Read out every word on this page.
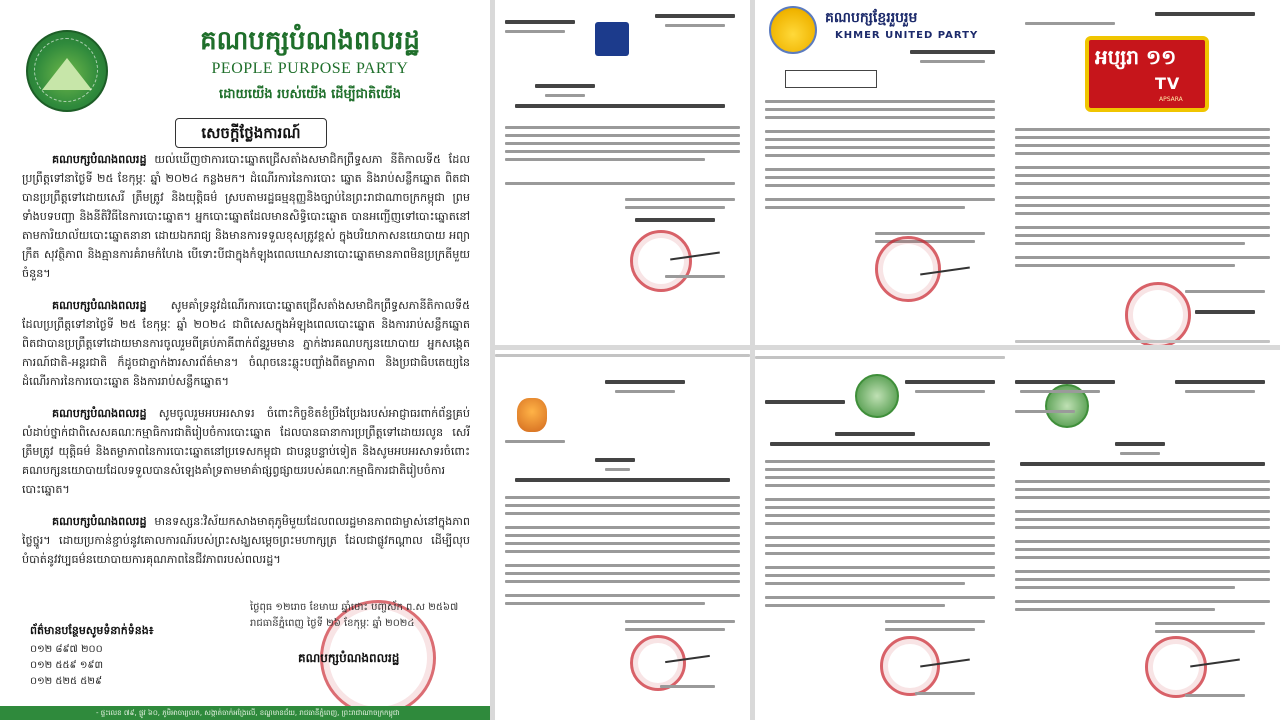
គណបក្សបំណងពលរដ្ឋ
PEOPLE PURPOSE PARTY
ដោយយើង របស់យើង ដើម្បីជាតិយើង
សេចក្តីថ្លែងការណ៍

គណបក្សបំណងពលរដ្ឋ យល់ឃើញថាការបោះឆ្នោតជ្រើសតាំងសមាជិកព្រឹទ្ធសភា នីតិកាលទី៥ ដែលប្រព្រឹត្តទៅនាថ្ងៃទី ២៥ ខែកុម្ភៈ ឆ្នាំ ២០២៤ កន្លងមក។ ដំណើរការនៃការបោះ ឆ្នោត និងរាប់សន្លឹកឆ្នោត ពិតជាបានប្រព្រឹត្តទៅដោយសេរី ត្រឹមត្រូវ និងយុត្តិធម៌ ស្របតាមរដ្ឋធម្មនុញ្ញនិងច្បាប់នៃព្រះរាជាណាចក្រកម្ពុជា ព្រមទាំងបទបញ្ជា និងនីតិវិធីនៃការបោះឆ្នោត។ អ្នកបោះឆ្នោតដែលមានសិទ្ធិបោះឆ្នោត បានអញ្ជើញទៅបោះឆ្នោតនៅតាមការិយាល័យបោះឆ្នោតនានា ដោយឯករាជ្យ និងមានការទទួលខុសត្រូវខ្ពស់ ក្នុងបរិយាកាសនយោបាយ អព្យាក្រឹត សុវត្ថិភាព និងគ្មានការគំរាមកំហែង បើទោះបីជាក្នុងកំឡុងពេលឃោសនាបោះឆ្នោតមានភាពមិនប្រក្រតីមួយចំនួន។

គណបក្សបំណងពលរដ្ឋ សូមគាំទ្រនូវដំណើរការបោះឆ្នោតជ្រើសតាំងសមាជិកព្រឹទ្ធសភានីតិកាលទី៥ ដែលប្រព្រឹត្តទៅនាថ្ងៃទី ២៥ ខែកុម្ភៈ ឆ្នាំ ២០២៤ ជាពិសេសក្នុងអំឡុងពេលបោះឆ្នោត និងការរាប់សន្លឹកឆ្នោត ពិតជាបានប្រព្រឹត្តទៅដោយមានការចូលរួមពីគ្រប់ភាគីពាក់ព័ន្ធរួមមាន ភ្នាក់ងារគណបក្សនយោបាយ អ្នកសង្កេតការណ៍ជាតិ-អន្តរជាតិ ក៏ដូចជាភ្នាក់ងារសារព័ត៌មាន។ ចំណុចនេះឆ្លុះបញ្ចាំងពីតម្លាភាព និងប្រជាធិបតេយ្យនៃដំណើរការនៃការបោះឆ្នោត និងការរាប់សន្លឹកឆ្នោត។

គណបក្សបំណងពលរដ្ឋ សូមចូលរួមអបអរសាទរ ចំពោះកិច្ចខិតខំប្រឹងប្រែងរបស់អាជ្ញាធរពាក់ព័ន្ធគ្រប់លំដាប់ថ្នាក់ជាពិសេសគណៈកម្មាធិការជាតិរៀបចំការបោះឆ្នោត ដែលបានធានាការប្រព្រឹត្តទៅដោយរលូន សេរី ត្រឹមត្រូវ យុត្តិធម៌ និងតម្លាភាពនៃការបោះឆ្នោតនៅប្រទេសកម្ពុជា ជាបន្តបន្ទាប់ទៀត និងសូមអបអរសាទរចំពោះគណបក្សនយោបាយដែលទទួលបានសំឡេងគាំទ្រតាមមាគ៌ាផ្សព្វផ្សាយរបស់គណៈកម្មាធិការជាតិរៀបចំការបោះឆ្នោត។

គណបក្សបំណងពលរដ្ឋ មានទស្សនៈវិស័យកសាងមាតុភូមិមួយដែលពលរដ្ឋមានភាពជាម្ចាស់នៅក្នុងភាពថ្លៃថ្នូរ។ ដោយប្រកាន់ខ្ជាប់នូវគោលការណ៍របស់ព្រះសង្ឃសម្តេចព្រះមហាក្សត្រ ដែលជាផ្លូវកណ្តាល ដើម្បីលុបបំបាត់នូវវប្បធម៌នយោបាយការគុណភាពនៃជីវភាពរបស់ពលរដ្ឋ។

ថ្ងៃពុធ ១២រោច ខែមាឃ ឆ្នាំថោះ បញ្ចស័ក ព.ស ២៥៦៧
រាជធានីភ្នំពេញ ថ្ងៃទី ២៦ ខែកុម្ភៈ ឆ្នាំ ២០២៤
គណបក្សបំណងពលរដ្ឋ
ព័ត៌មានបន្ថែមសូមទំនាក់ទំនង៖
០១២ ៨៩៧ ២០០
០១២ ៥៥៩ ១៩៣
០១២ ៥២៥ ៥២៩
- ផ្ទះលេខ ៧៩, ផ្លូវ ៦០, ភូមិអាចារ្យលក, សង្កាត់ចាក់អង្រែលើ, ខណ្ឌមានជ័យ, រាជធានីភ្នំពេញ, ព្រះរាជាណាចក្រកម្ពុជា
គណបក្សខ្មែររួបរួម
KHMER UNITED PARTY
អប្សរា ១១
TV
APSARA
